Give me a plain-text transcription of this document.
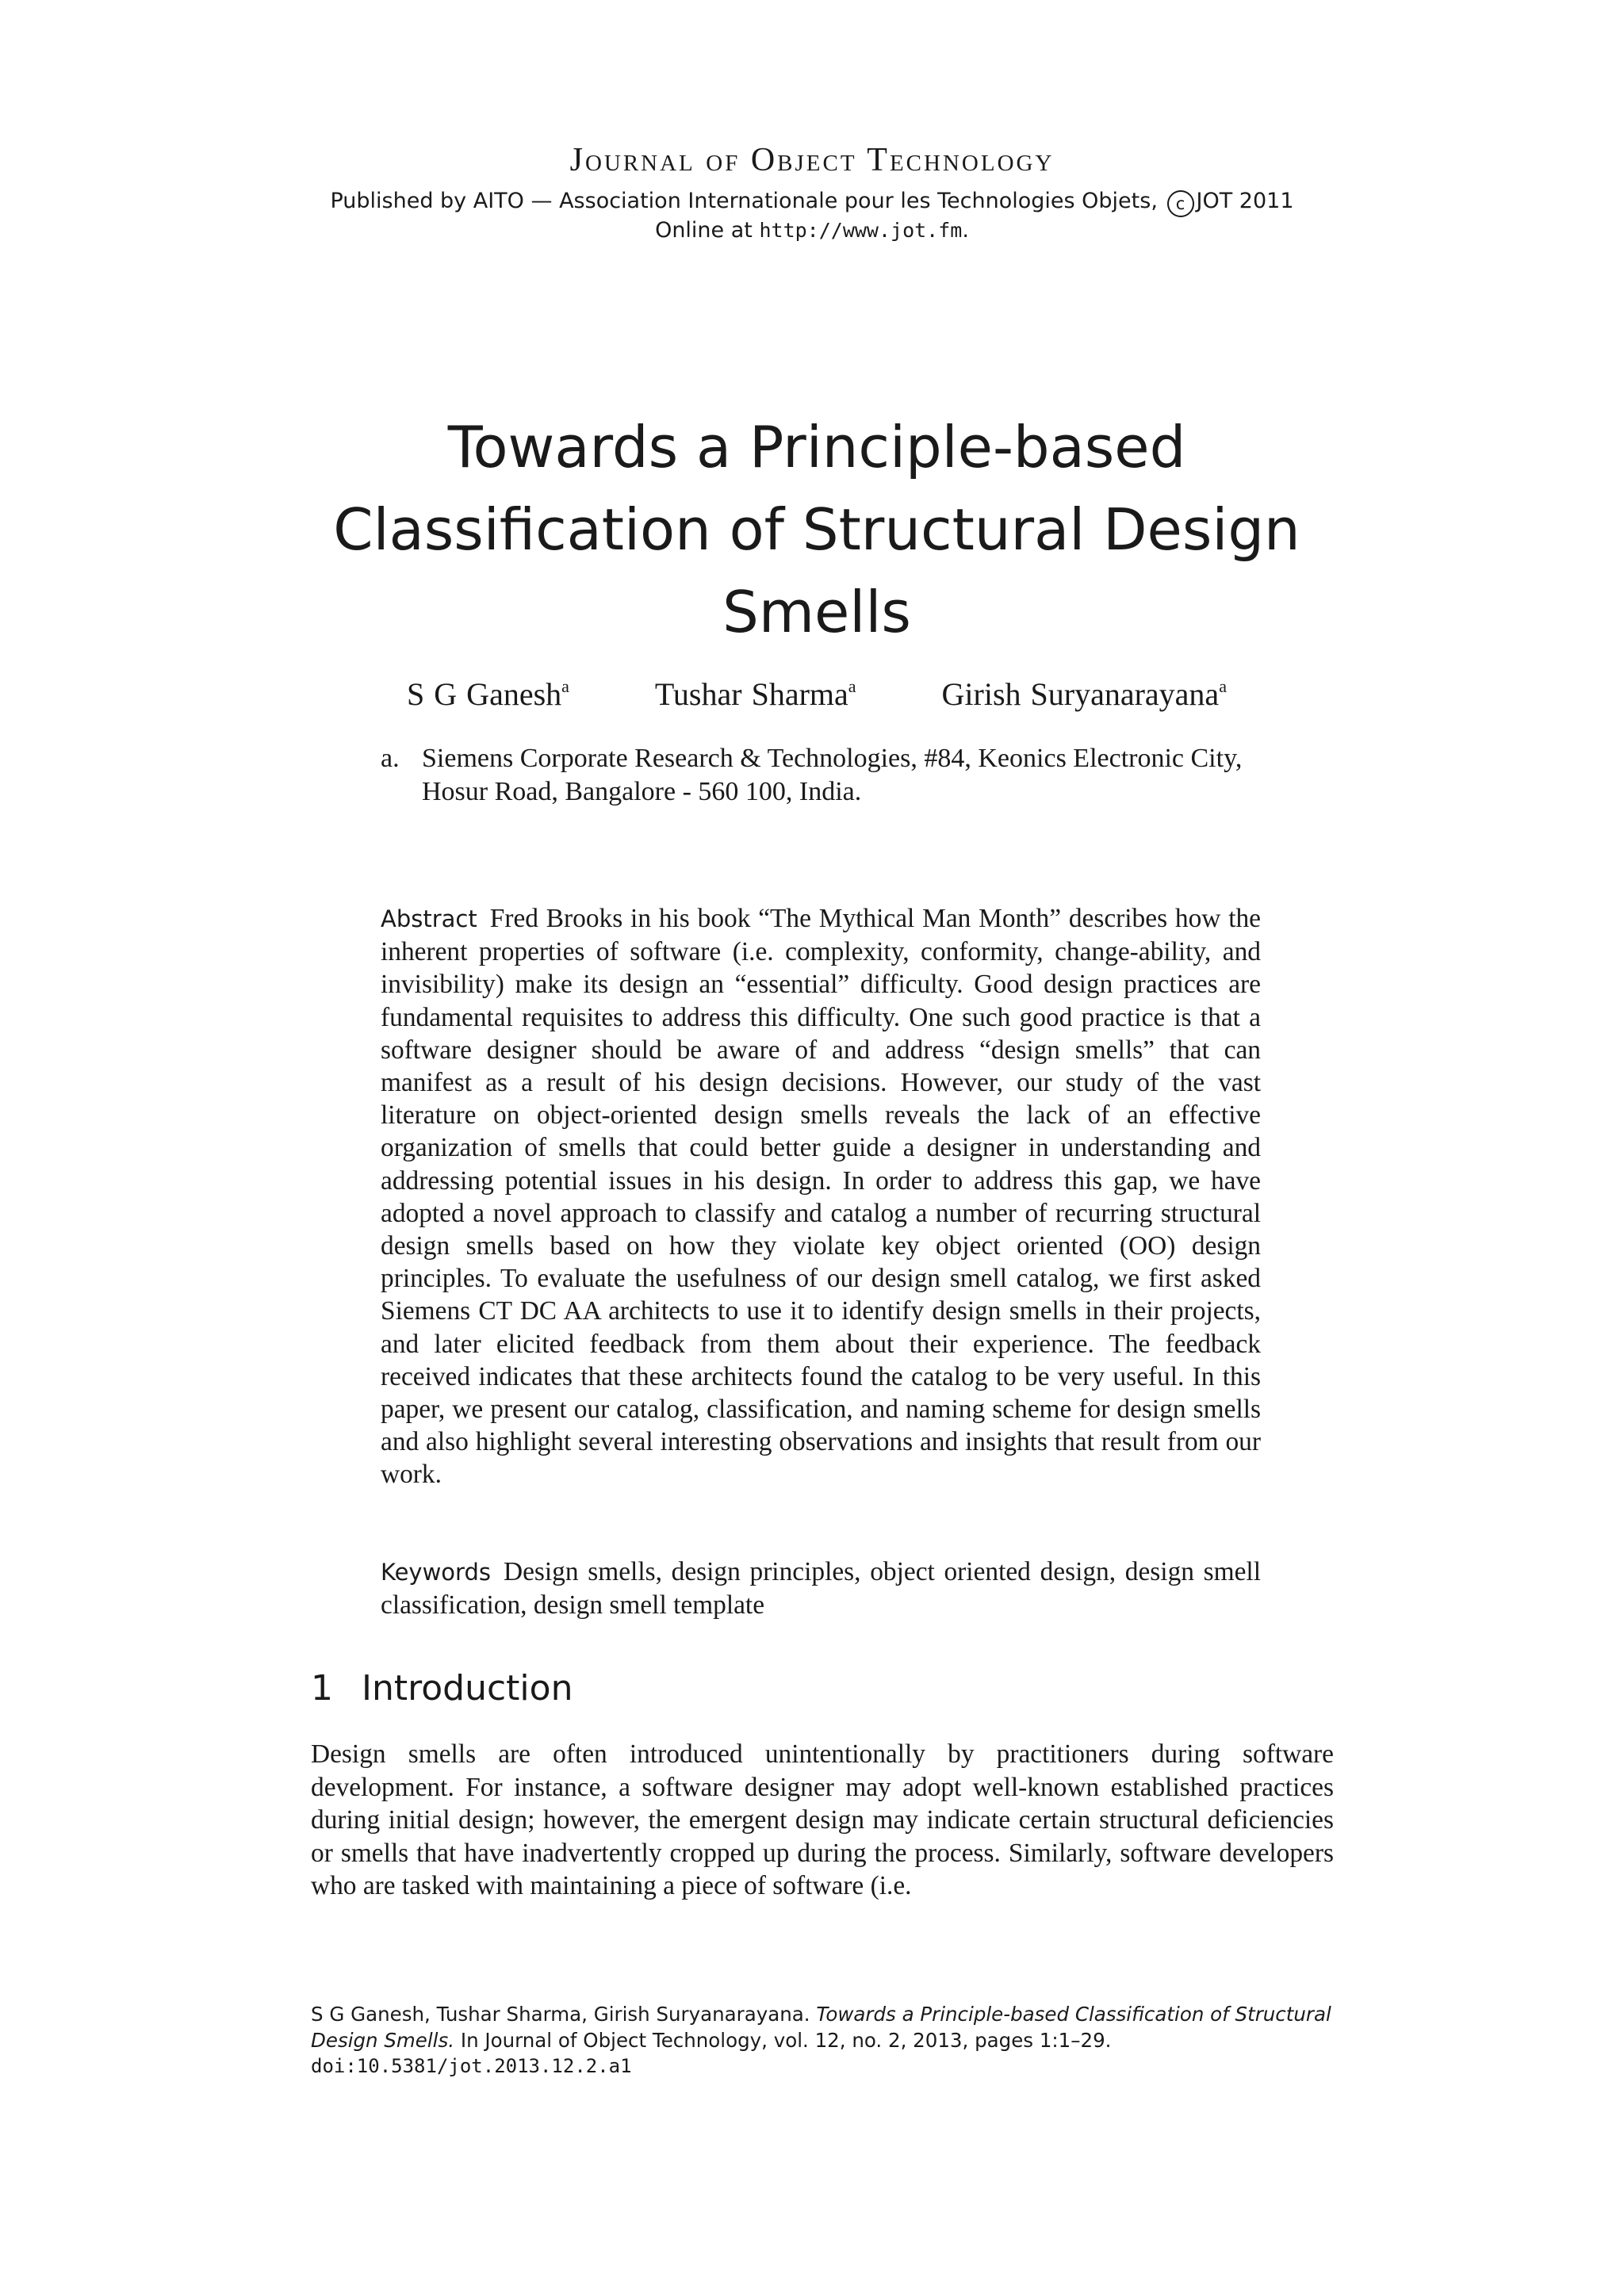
Journal of Object Technology
Published by AITO — Association Internationale pour les Technologies Objets, c JOT 2011
Online at http://www.jot.fm.
Towards a Principle-based Classification of Structural Design Smells
S G Ganesh$^a$	Tushar Sharma$^a$	Girish Suryanarayana$^a$
a. Siemens Corporate Research & Technologies, #84, Keonics Electronic City, Hosur Road, Bangalore - 560 100, India.
Abstract Fred Brooks in his book “The Mythical Man Month” describes how the inherent properties of software (i.e. complexity, conformity, change-ability, and invisibility) make its design an “essential” difficulty. Good design practices are fundamental requisites to address this difficulty. One such good practice is that a software designer should be aware of and address “design smells” that can manifest as a result of his design decisions. However, our study of the vast literature on object-oriented design smells reveals the lack of an effective organization of smells that could better guide a designer in understanding and addressing potential issues in his design. In order to address this gap, we have adopted a novel approach to classify and catalog a number of recurring structural design smells based on how they violate key object oriented (OO) design principles. To evaluate the usefulness of our design smell catalog, we first asked Siemens CT DC AA architects to use it to identify design smells in their projects, and later elicited feedback from them about their experience. The feedback received indicates that these architects found the catalog to be very useful. In this paper, we present our catalog, classification, and naming scheme for design smells and also highlight several interesting observations and insights that result from our work.
Keywords Design smells, design principles, object oriented design, design smell classification, design smell template
1 Introduction
Design smells are often introduced unintentionally by practitioners during software development. For instance, a software designer may adopt well-known established practices during initial design; however, the emergent design may indicate certain structural deficiencies or smells that have inadvertently cropped up during the process. Similarly, software developers who are tasked with maintaining a piece of software (i.e.
S G Ganesh, Tushar Sharma, Girish Suryanarayana. Towards a Principle-based Classification of Structural Design Smells. In Journal of Object Technology, vol. 12, no. 2, 2013, pages 1:1–29.
doi:10.5381/jot.2013.12.2.a1
